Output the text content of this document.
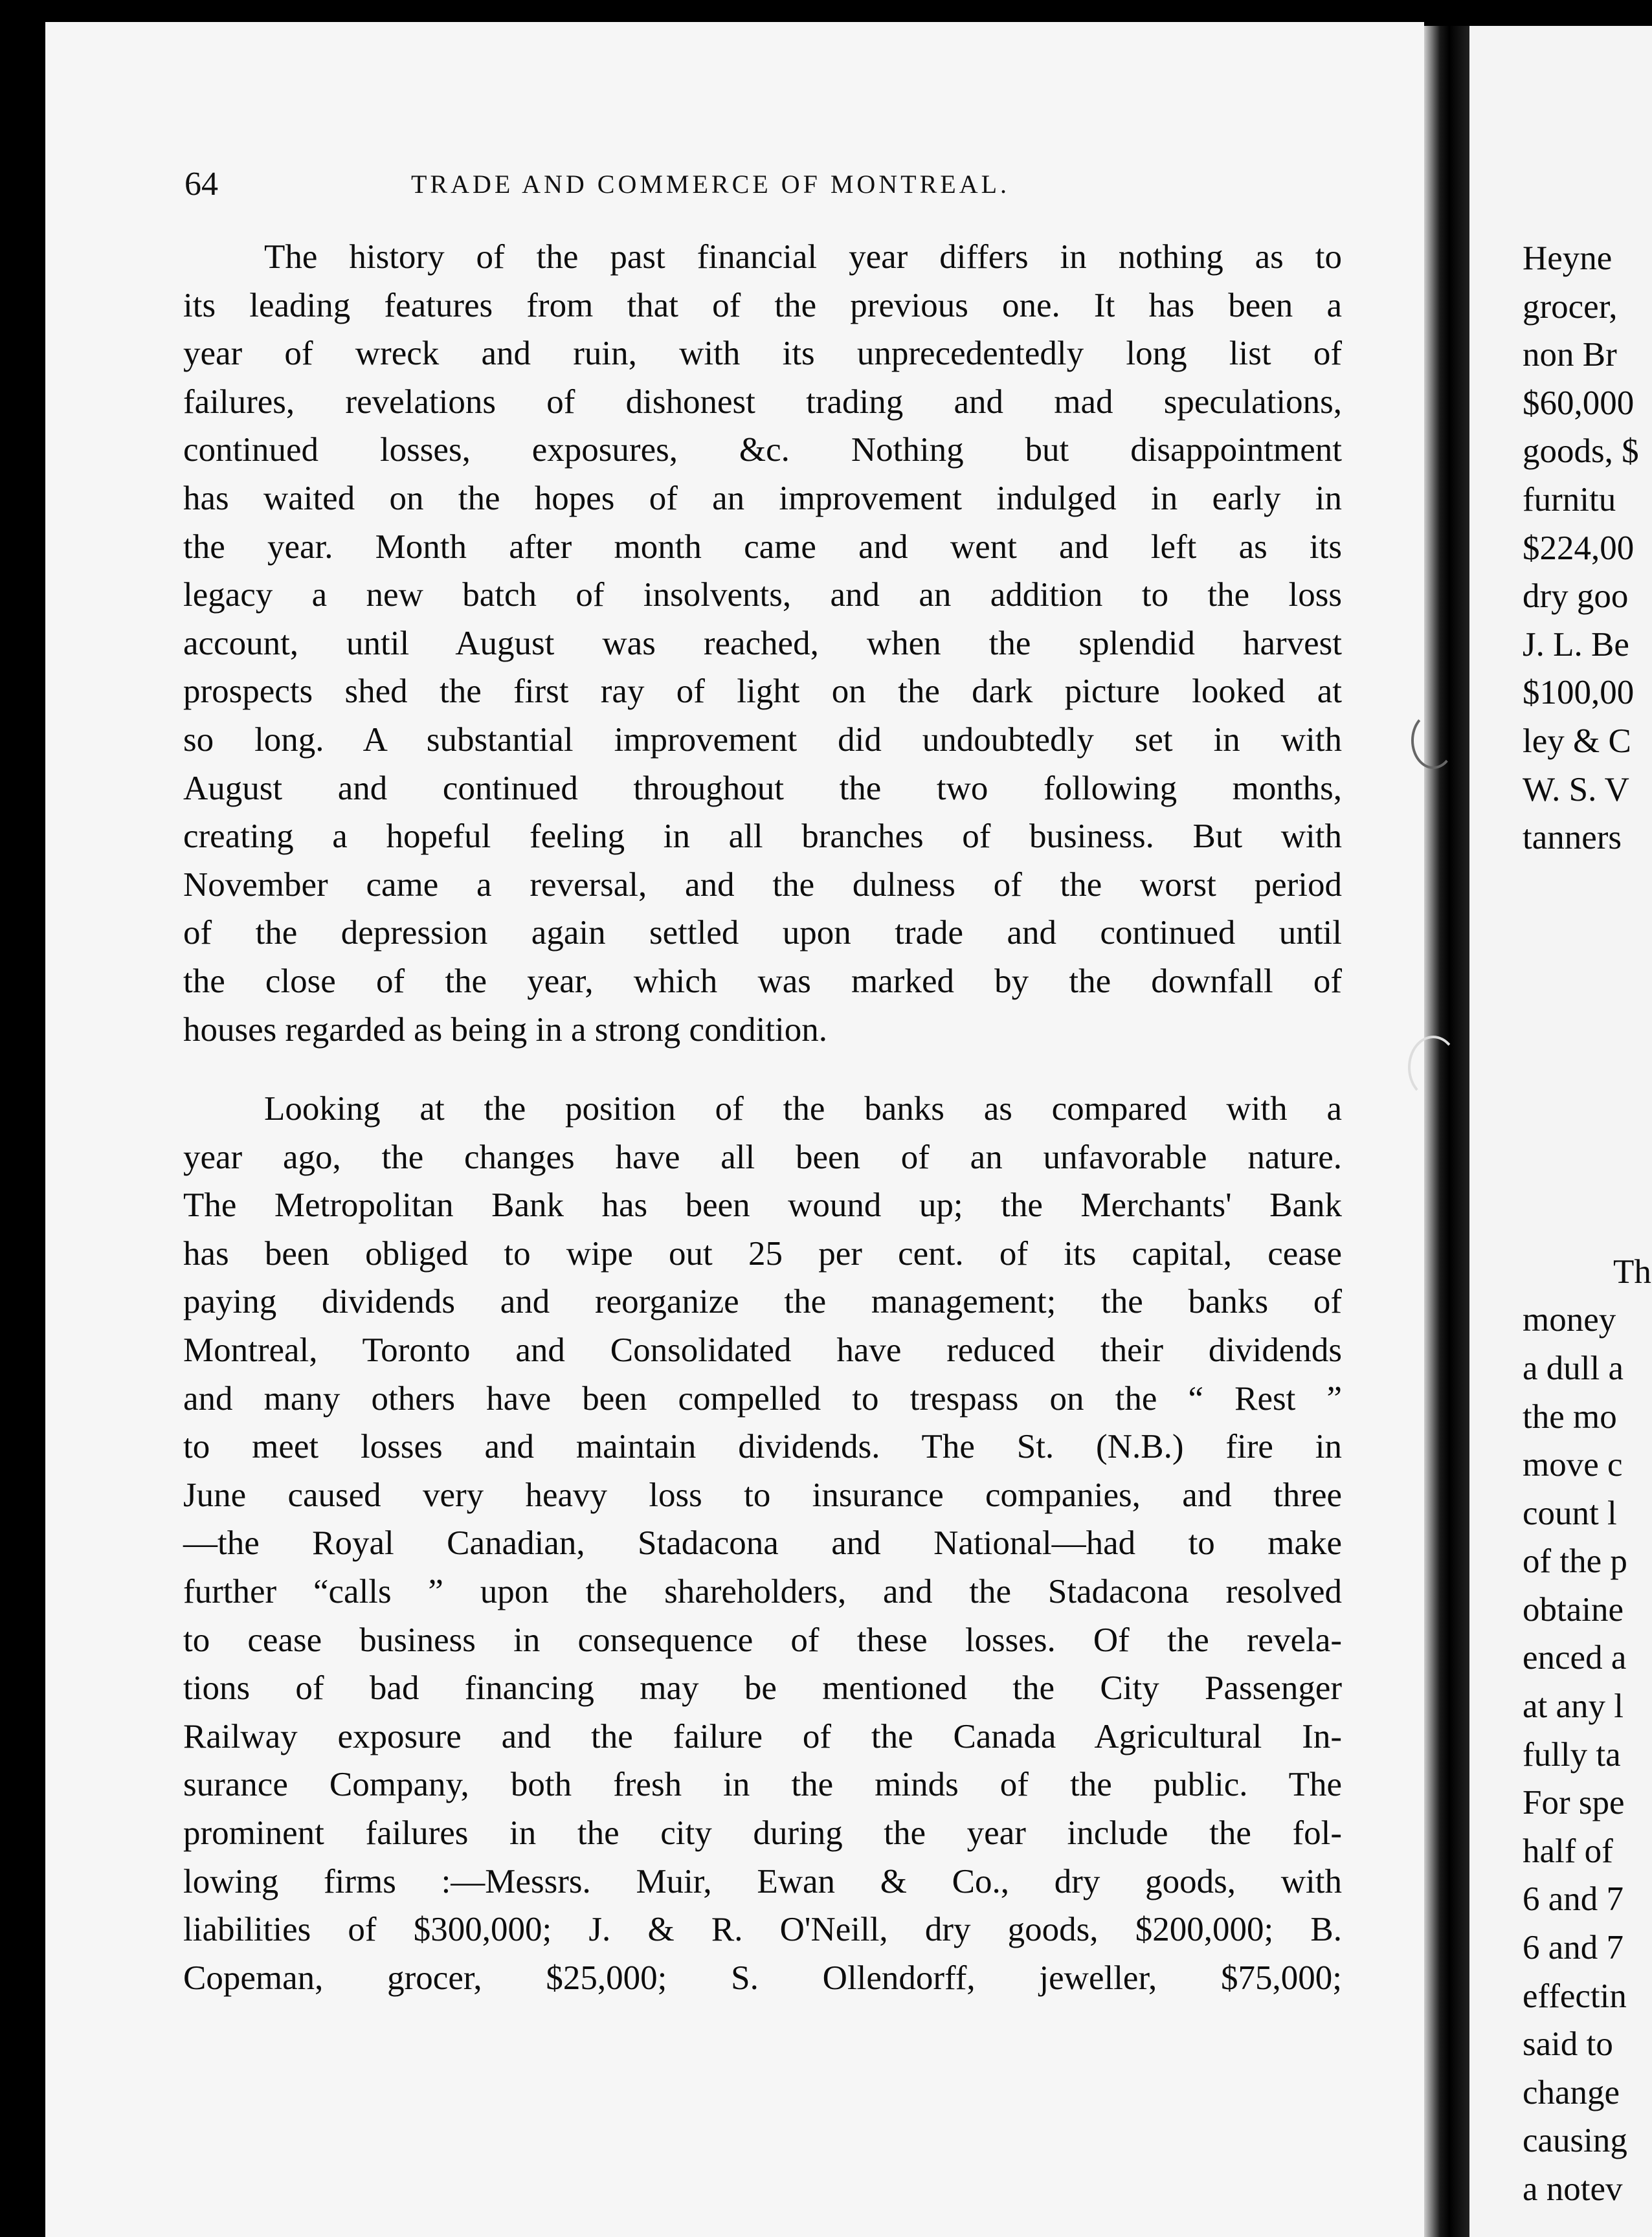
64	TRADE AND COMMERCE OF MONTREAL.
The history of the past financial year differs in nothing as to
its leading features from that of the previous one. It has been a
year of wreck and ruin, with its unprecedentedly long list of
failures, revelations of dishonest trading and mad speculations,
continued losses, exposures, &c. Nothing but disappointment
has waited on the hopes of an improvement indulged in early in
the year. Month after month came and went and left as its
legacy a new batch of insolvents, and an addition to the loss
account, until August was reached, when the splendid harvest
prospects shed the first ray of light on the dark picture looked at
so long. A substantial improvement did undoubtedly set in with
August and continued throughout the two following months,
creating a hopeful feeling in all branches of business. But with
November came a reversal, and the dulness of the worst period
of the depression again settled upon trade and continued until
the close of the year, which was marked by the downfall of
houses regarded as being in a strong condition.
Looking at the position of the banks as compared with a
year ago, the changes have all been of an unfavorable nature.
The Metropolitan Bank has been wound up; the Merchants' Bank
has been obliged to wipe out 25 per cent. of its capital, cease
paying dividends and reorganize the management; the banks of
Montreal, Toronto and Consolidated have reduced their dividends
and many others have been compelled to trespass on the “ Rest ”
to meet losses and maintain dividends. The St. (N.B.) fire in
June caused very heavy loss to insurance companies, and three
—the Royal Canadian, Stadacona and National—had to make
further “calls ” upon the shareholders, and the Stadacona resolved
to cease business in consequence of these losses. Of the revela-
tions of bad financing may be mentioned the City Passenger
Railway exposure and the failure of the Canada Agricultural In-
surance Company, both fresh in the minds of the public. The
prominent failures in the city during the year include the fol-
lowing firms :—Messrs. Muir, Ewan & Co., dry goods, with
liabilities of $300,000; J. & R. O'Neill, dry goods, $200,000; B.
Copeman, grocer, $25,000; S. Ollendorff, jeweller, $75,000;
Heyne
grocer,
non Br
$60,000
goods, $
furnitu
$224,00
dry goo
J. L. Be
$100,00
ley & C
W. S. V
tanners
Th
money
a dull a
the mo
move c
count l
of the p
obtaine
enced a
at any l
fully ta
For spe
half of
6 and 7
6 and 7
effectin
said to
change
causing
a notev
